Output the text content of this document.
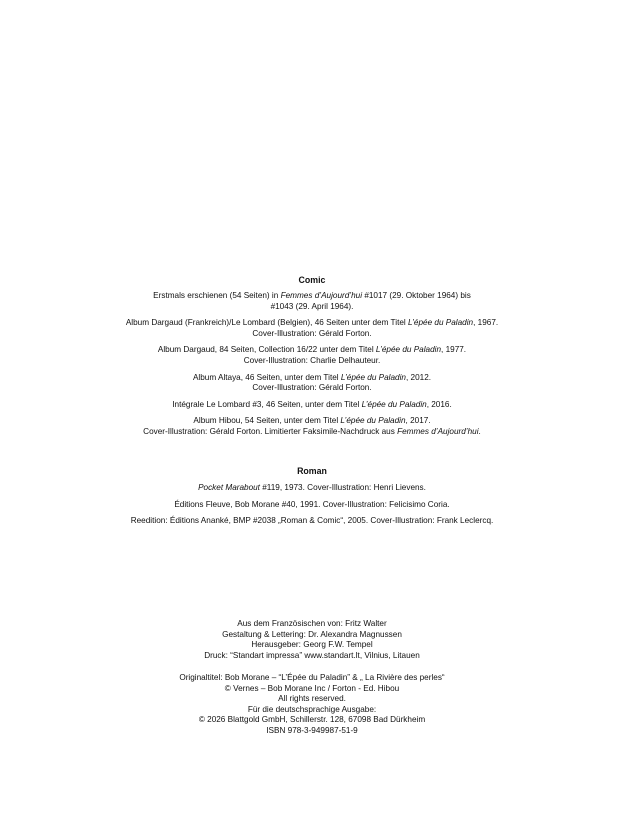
Comic
Erstmals erschienen (54 Seiten) in Femmes d’Aujourd’hui #1017 (29. Oktober 1964) bis
#1043 (29. April 1964).
Album Dargaud (Frankreich)/Le Lombard (Belgien), 46 Seiten unter dem Titel L’épée du Paladin, 1967.
Cover-Illustration: Gérald Forton.
Album Dargaud, 84 Seiten, Collection 16/22 unter dem Titel L’épée du Paladin, 1977.
Cover-Illustration: Charlie Delhauteur.
Album Altaya, 46 Seiten, unter dem Titel L’épée du Paladin, 2012.
Cover-Illustration: Gérald Forton.
Intégrale Le Lombard #3, 46 Seiten, unter dem Titel L’épée du Paladin, 2016.
Album Hibou, 54 Seiten, unter dem Titel L’épée du Paladin, 2017.
Cover-Illustration: Gérald Forton. Limitierter Faksimile-Nachdruck aus Femmes d’Aujourd’hui.
Roman
Pocket Marabout #119, 1973. Cover-Illustration: Henri Lievens.
Éditions Fleuve, Bob Morane #40, 1991. Cover-Illustration: Felicisimo Coria.
Reedition: Éditions Ananké, BMP #2038 „Roman & Comic“, 2005. Cover-Illustration: Frank Leclercq.
Aus dem Französischen von: Fritz Walter
Gestaltung & Lettering: Dr. Alexandra Magnussen
Herausgeber: Georg F.W. Tempel
Druck: “Standart impressa” www.standart.lt, Vilnius, Litauen
Originaltitel: Bob Morane – “L’Épée du Paladin” & „ La Rivière des perles“
© Vernes – Bob Morane Inc / Forton - Ed. Hibou
All rights reserved.
Für die deutschsprachige Ausgabe:
© 2026 Blattgold GmbH, Schillerstr. 128, 67098 Bad Dürkheim
ISBN 978-3-949987-51-9
